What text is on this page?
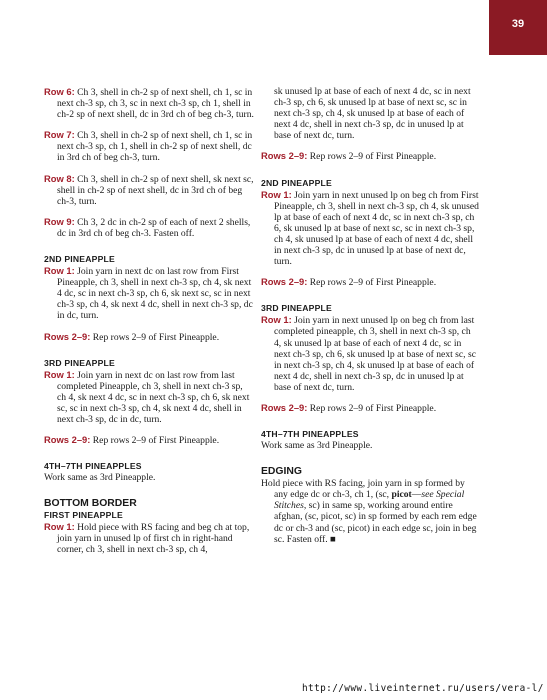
39

Row 6: Ch 3, shell in ch-2 sp of next shell, ch 1, sc in next ch-3 sp, ch 3, sc in next ch-3 sp, ch 1, shell in ch-2 sp of next shell, dc in 3rd ch of beg ch-3, turn.

Row 7: Ch 3, shell in ch-2 sp of next shell, ch 1, sc in next ch-3 sp, ch 1, shell in ch-2 sp of next shell, dc in 3rd ch of beg ch-3, turn.

Row 8: Ch 3, shell in ch-2 sp of next shell, sk next sc, shell in ch-2 sp of next shell, dc in 3rd ch of beg ch-3, turn.

Row 9: Ch 3, 2 dc in ch-2 sp of each of next 2 shells, dc in 3rd ch of beg ch-3. Fasten off.

2ND PINEAPPLE

Row 1: Join yarn in next dc on last row from First Pineapple, ch 3, shell in next ch-3 sp, ch 4, sk next 4 dc, sc in next ch-3 sp, ch 6, sk next sc, sc in next ch-3 sp, ch 4, sk next 4 dc, shell in next ch-3 sp, dc in dc, turn.

Rows 2–9: Rep rows 2–9 of First Pineapple.

3RD PINEAPPLE

Row 1: Join yarn in next dc on last row from last completed Pineapple, ch 3, shell in next ch-3 sp, ch 4, sk next 4 dc, sc in next ch-3 sp, ch 6, sk next sc, sc in next ch-3 sp, ch 4, sk next 4 dc, shell in next ch-3 sp, dc in dc, turn.

Rows 2–9: Rep rows 2–9 of First Pineapple.

4TH–7TH PINEAPPLES

Work same as 3rd Pineapple.

BOTTOM BORDER
FIRST PINEAPPLE

Row 1: Hold piece with RS facing and beg ch at top, join yarn in unused lp of first ch in right-hand corner, ch 3, shell in next ch-3 sp, ch 4,

sk unused lp at base of each of next 4 dc, sc in next ch-3 sp, ch 6, sk unused lp at base of next sc, sc in next ch-3 sp, ch 4, sk unused lp at base of each of next 4 dc, shell in next ch-3 sp, dc in unused lp at base of next dc, turn.

Rows 2–9: Rep rows 2–9 of First Pineapple.

2ND PINEAPPLE

Row 1: Join yarn in next unused lp on beg ch from First Pineapple, ch 3, shell in next ch-3 sp, ch 4, sk unused lp at base of each of next 4 dc, sc in next ch-3 sp, ch 6, sk unused lp at base of next sc, sc in next ch-3 sp, ch 4, sk unused lp at base of each of next 4 dc, shell in next ch-3 sp, dc in unused lp at base of next dc, turn.

Rows 2–9: Rep rows 2–9 of First Pineapple.

3RD PINEAPPLE

Row 1: Join yarn in next unused lp on beg ch from last completed pineapple, ch 3, shell in next ch-3 sp, ch 4, sk unused lp at base of each of next 4 dc, sc in next ch-3 sp, ch 6, sk unused lp at base of next sc, sc in next ch-3 sp, ch 4, sk unused lp at base of each of next 4 dc, shell in next ch-3 sp, dc in unused lp at base of next dc, turn.

Rows 2–9: Rep rows 2–9 of First Pineapple.

4TH–7TH PINEAPPLES

Work same as 3rd Pineapple.

EDGING

Hold piece with RS facing, join yarn in sp formed by any edge dc or ch-3, ch 1, (sc, picot—see Special Stitches, sc) in same sp, working around entire afghan, (sc, picot, sc) in sp formed by each rem edge dc or ch-3 and (sc, picot) in each edge sc, join in beg sc. Fasten off. ■

http://www.liveinternet.ru/users/vera-l/
